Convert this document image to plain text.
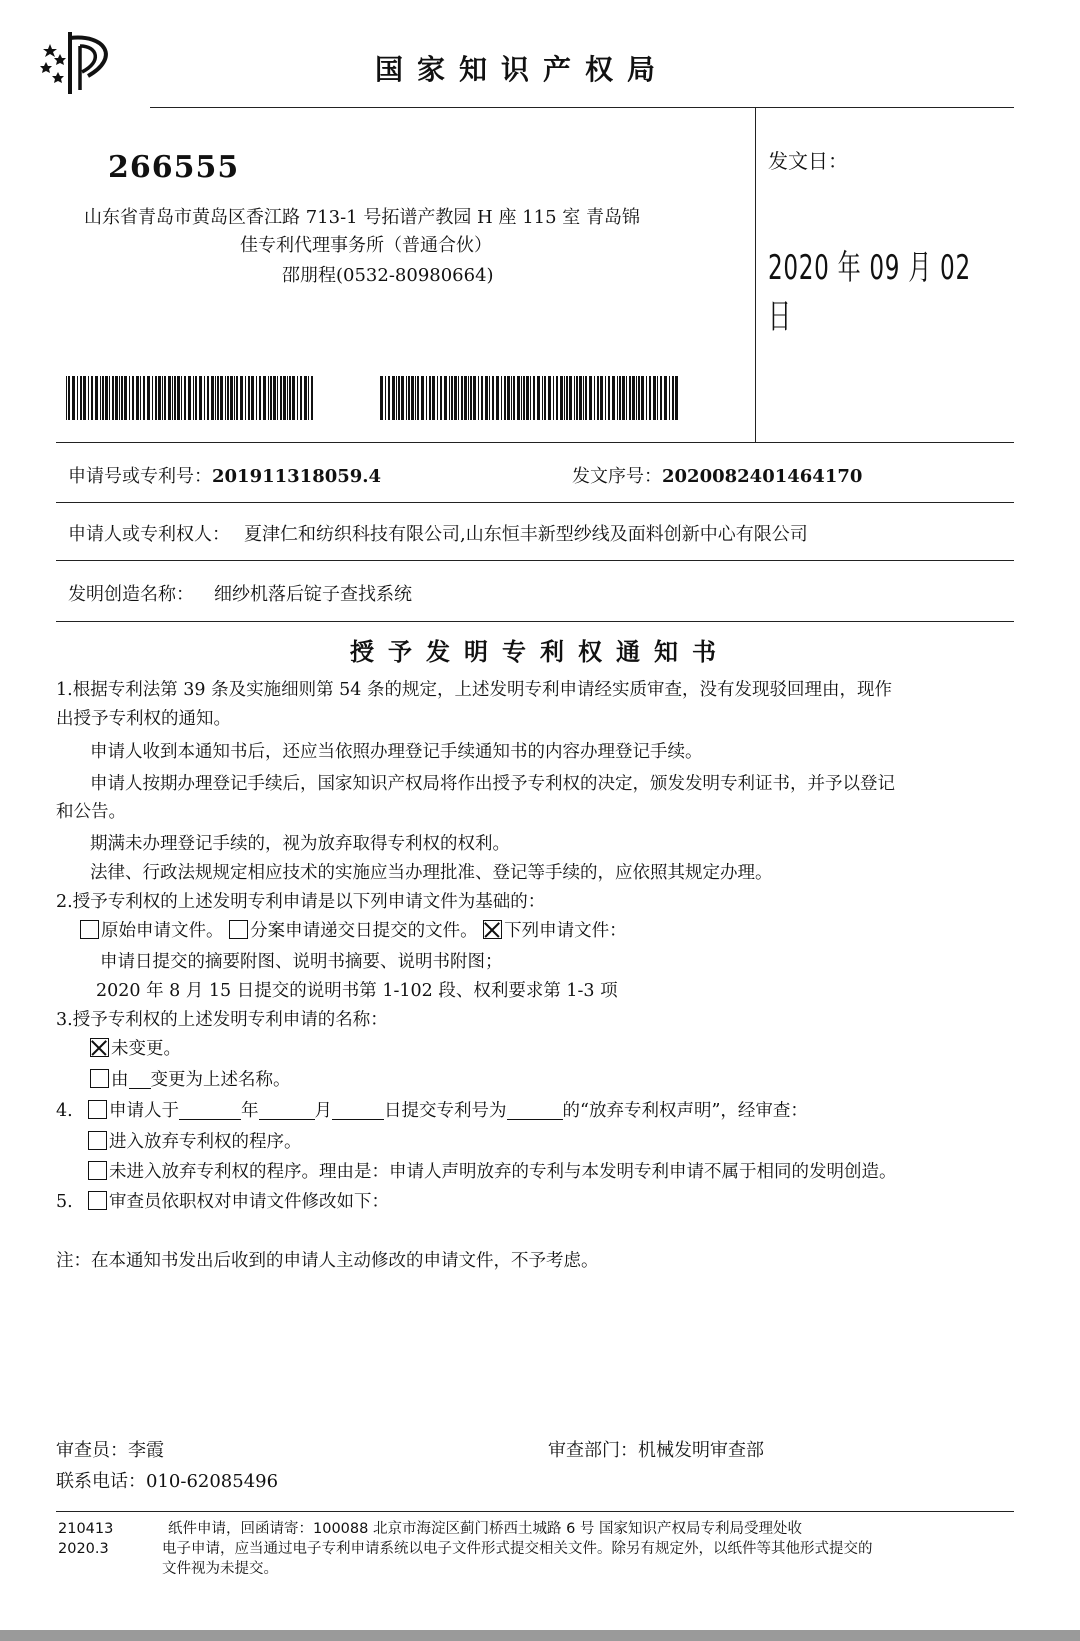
国家知识产权局
266555
山东省青岛市黄岛区香江路 713-1 号拓谱产教园 H 座 115 室 青岛锦
佳专利代理事务所（普通合伙）
邵朋程(0532-80980664)
发文日：
2020 年 09 月 02 日
申请号或专利号：201911318059.4	发文序号：2020082401464170
申请人或专利权人： 夏津仁和纺织科技有限公司,山东恒丰新型纱线及面料创新中心有限公司
发明创造名称： 细纱机落后锭子查找系统
授予发明专利权通知书
1.根据专利法第 39 条及实施细则第 54 条的规定，上述发明专利申请经实质审查，没有发现驳回理由，现作
出授予专利权的通知。
申请人收到本通知书后，还应当依照办理登记手续通知书的内容办理登记手续。
申请人按期办理登记手续后，国家知识产权局将作出授予专利权的决定，颁发发明专利证书，并予以登记
和公告。
期满未办理登记手续的，视为放弃取得专利权的权利。
法律、行政法规规定相应技术的实施应当办理批准、登记等手续的，应依照其规定办理。
2.授予专利权的上述发明专利申请是以下列申请文件为基础的：
原始申请文件。 分案申请递交日提交的文件。 下列申请文件：
申请日提交的摘要附图、说明书摘要、说明书附图；
2020 年 8 月 15 日提交的说明书第 1-102 段、权利要求第 1-3 项
3.授予专利权的上述发明专利申请的名称：
未变更。
由 变更为上述名称。
4. 申请人于	年	月	日提交专利号为	的“放弃专利权声明”，经审查：
进入放弃专利权的程序。
未进入放弃专利权的程序。理由是：申请人声明放弃的专利与本发明专利申请不属于相同的发明创造。
5. 审查员依职权对申请文件修改如下：
注：在本通知书发出后收到的申请人主动修改的申请文件，不予考虑。
审查员：李霞	审查部门：机械发明审查部
联系电话：010-62085496
210413
2020.3
纸件申请，回函请寄：100088 北京市海淀区蓟门桥西土城路 6 号 国家知识产权局专利局受理处收
电子申请，应当通过电子专利申请系统以电子文件形式提交相关文件。除另有规定外，以纸件等其他形式提交的
文件视为未提交。
